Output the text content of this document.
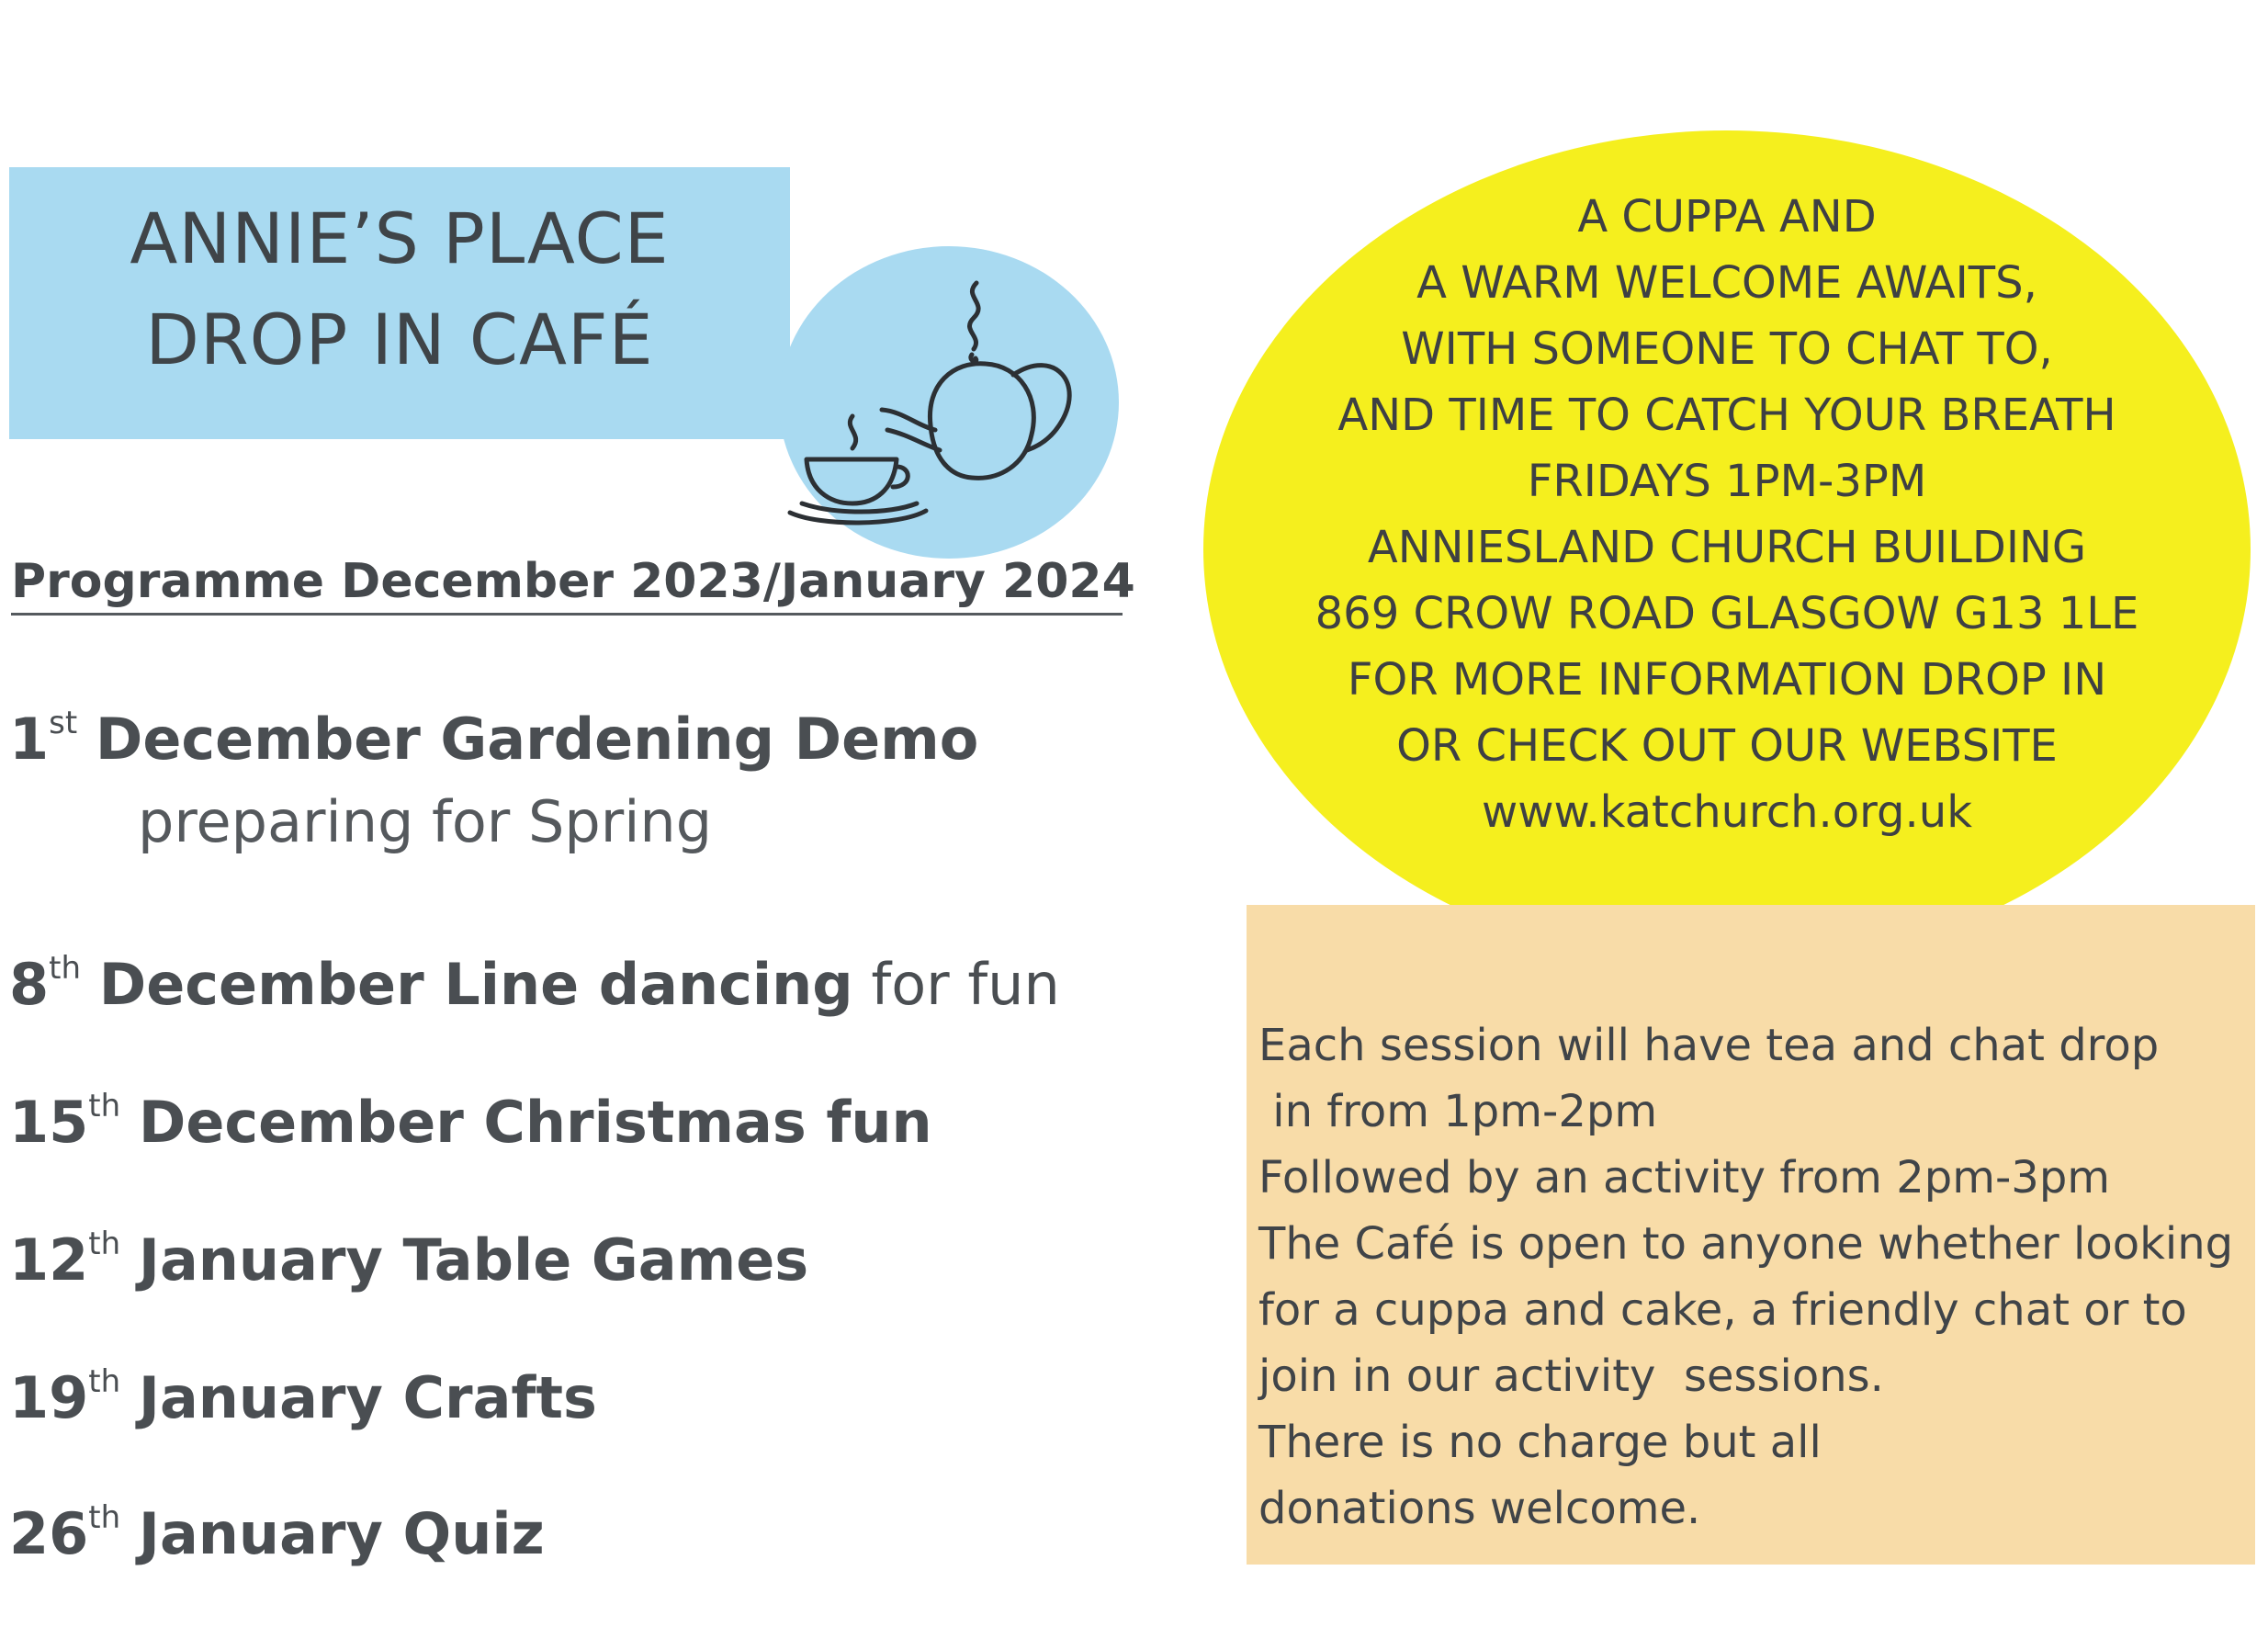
ANNIE’S PLACE
DROP IN CAFÉ
Programme December 2023/January 2024
1st December Gardening Demo
preparing for Spring
8th December Line dancing for fun
15th December Christmas fun
12th January Table Games
19th January Crafts
26th January Quiz
A CUPPA AND
A WARM WELCOME AWAITS,
WITH SOMEONE TO CHAT TO,
AND TIME TO CATCH YOUR BREATH
FRIDAYS 1PM-3PM
ANNIESLAND CHURCH BUILDING
869 CROW ROAD GLASGOW G13 1LE
FOR MORE INFORMATION DROP IN
OR CHECK OUT OUR WEBSITE
www.katchurch.org.uk
Each session will have tea and chat drop
in from 1pm-2pm
Followed by an activity from 2pm-3pm
The Café is open to anyone whether looking
for a cuppa and cake, a friendly chat or to
join in our activity  sessions.
There is no charge but all
donations welcome.
